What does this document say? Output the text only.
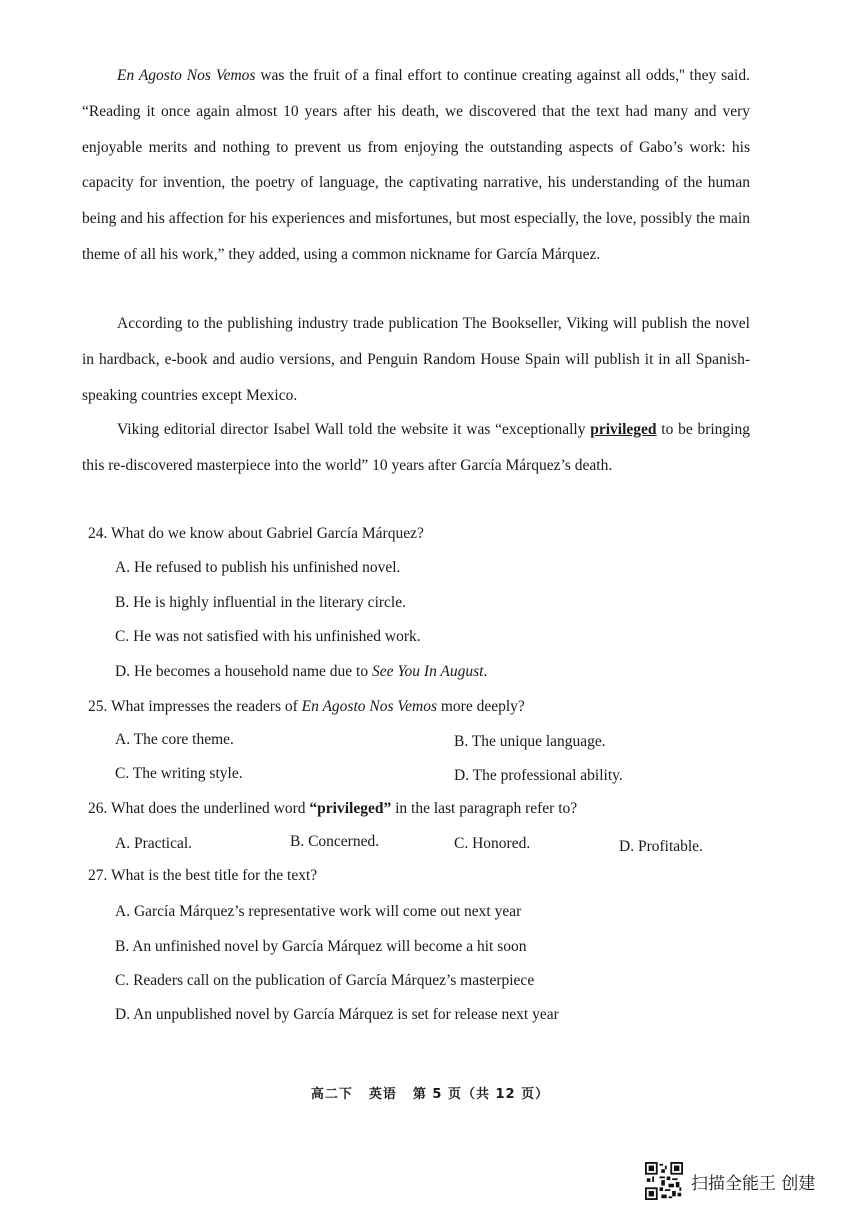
En Agosto Nos Vemos was the fruit of a final effort to continue creating against all odds,'' they said. “Reading it once again almost 10 years after his death, we discovered that the text had many and very enjoyable merits and nothing to prevent us from enjoying the outstanding aspects of Gabo’s work: his capacity for invention, the poetry of language, the captivating narrative, his understanding of the human being and his affection for his experiences and misfortunes, but most especially, the love, possibly the main theme of all his work,” they added, using a common nickname for García Márquez.

According to the publishing industry trade publication The Bookseller, Viking will publish the novel in hardback, e-book and audio versions, and Penguin Random House Spain will publish it in all Spanish-speaking countries except Mexico.

Viking editorial director Isabel Wall told the website it was “exceptionally privileged to be bringing this re-discovered masterpiece into the world” 10 years after García Márquez’s death.

24. What do we know about Gabriel García Márquez?
A. He refused to publish his unfinished novel.
B. He is highly influential in the literary circle.
C. He was not satisfied with his unfinished work.
D. He becomes a household name due to See You In August.
25. What impresses the readers of En Agosto Nos Vemos more deeply?
A. The core theme.	B. The unique language.
C. The writing style.	D. The professional ability.
26. What does the underlined word “privileged” in the last paragraph refer to?
A. Practical.	B. Concerned.	C. Honored.	D. Profitable.
27. What is the best title for the text?
A. García Márquez’s representative work will come out next year
B. An unfinished novel by García Márquez will become a hit soon
C. Readers call on the publication of García Márquez’s masterpiece
D. An unpublished novel by García Márquez is set for release next year
高二下 英语 第 5 页（共 12 页）
扫描全能王 创建
